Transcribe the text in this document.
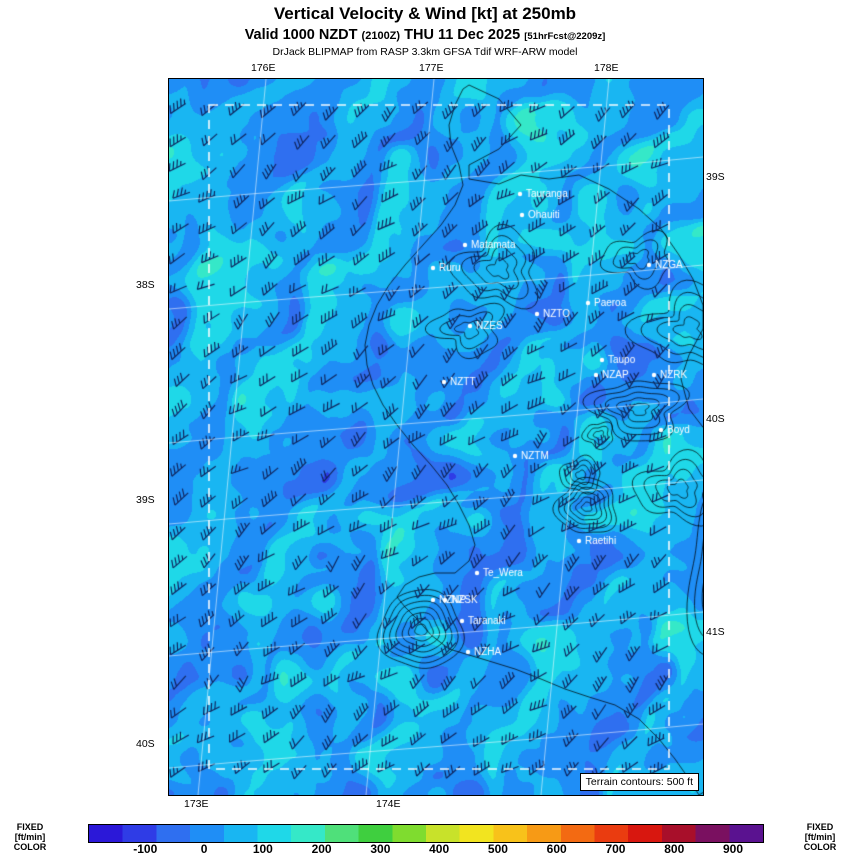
Vertical Velocity & Wind [kt] at 250mb
Valid 1000 NZDT (2100Z) THU 11 Dec 2025 [51hrFcst@2209z]
DrJack BLIPMAP from RASP 3.3km GFSA Tdif WRF-ARW model
Terrain contours: 500 ft
176E	177E	178E
173E	174E
38S
39S
40S
39S
40S
41S
FIXED
[ft/min]
COLOR
FIXED
[ft/min]
COLOR
-100	0	100	200	300	400	500	600	700	800	900
